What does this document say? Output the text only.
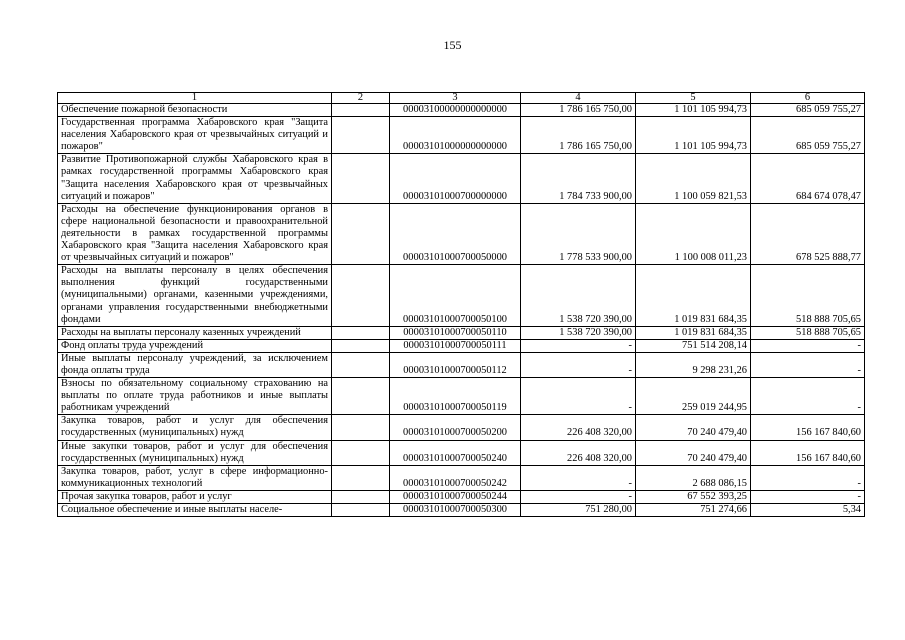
155
1	2	3	4	5	6
Обеспечение пожарной безопасности		00003100000000000000	1 786 165 750,00	1 101 105 994,73	685 059 755,27
Государственная программа Хабаровского края "Защита населения Хабаровского края от чрезвычайных ситуаций и пожаров"		00003101000000000000	1 786 165 750,00	1 101 105 994,73	685 059 755,27
Развитие Противопожарной службы Хабаровского края в рамках государственной программы Хабаровского края "Защита населения Хабаровского края от чрезвычайных ситуаций и пожаров"		00003101000700000000	1 784 733 900,00	1 100 059 821,53	684 674 078,47
Расходы на обеспечение функционирования органов в сфере национальной безопасности и правоохранительной деятельности в рамках государственной программы Хабаровского края "Защита населения Хабаровского края от чрезвычайных ситуаций и пожаров"		00003101000700050000	1 778 533 900,00	1 100 008 011,23	678 525 888,77
Расходы на выплаты персоналу в целях обеспечения выполнения функций государственными (муниципальными) органами, казенными учреждениями, органами управления государственными внебюджетными фондами		00003101000700050100	1 538 720 390,00	1 019 831 684,35	518 888 705,65
Расходы на выплаты персоналу казенных учреждений		00003101000700050110	1 538 720 390,00	1 019 831 684,35	518 888 705,65
Фонд оплаты труда учреждений		00003101000700050111	-	751 514 208,14	-
Иные выплаты персоналу учреждений, за исключением фонда оплаты труда		00003101000700050112	-	9 298 231,26	-
Взносы по обязательному социальному страхованию на выплаты по оплате труда работников и иные выплаты работникам учреждений		00003101000700050119	-	259 019 244,95	-
Закупка товаров, работ и услуг для обеспечения государственных (муниципальных) нужд		00003101000700050200	226 408 320,00	70 240 479,40	156 167 840,60
Иные закупки товаров, работ и услуг для обеспечения государственных (муниципальных) нужд		00003101000700050240	226 408 320,00	70 240 479,40	156 167 840,60
Закупка товаров, работ, услуг в сфере информационно-коммуникационных технологий		00003101000700050242	-	2 688 086,15	-
Прочая закупка товаров, работ и услуг		00003101000700050244	-	67 552 393,25	-
Социальное обеспечение и иные выплаты населе-		00003101000700050300	751 280,00	751 274,66	5,34
